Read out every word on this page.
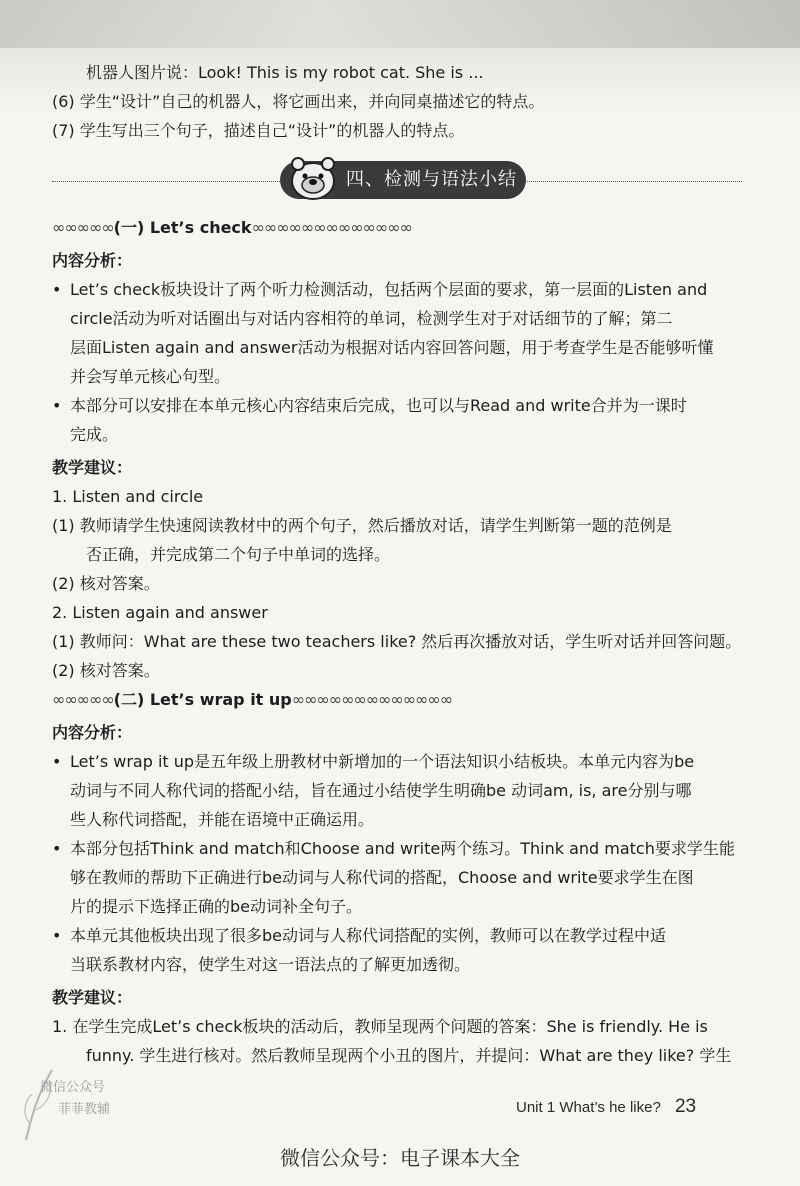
机器人图片说：Look! This is my robot cat. She is ...
(6) 学生“设计”自己的机器人，将它画出来，并向同桌描述它的特点。
(7) 学生写出三个句子，描述自己“设计”的机器人的特点。
四、检测与语法小结
∞∞∞∞∞ (一) Let’s check ∞∞∞∞∞∞∞∞∞∞∞∞∞
内容分析：
• Let’s check板块设计了两个听力检测活动，包括两个层面的要求，第一层面的Listen and
circle活动为听对话圈出与对话内容相符的单词，检测学生对于对话细节的了解；第二
层面Listen again and answer活动为根据对话内容回答问题，用于考查学生是否能够听懂
并会写单元核心句型。
• 本部分可以安排在本单元核心内容结束后完成，也可以与Read and write合并为一课时
完成。
教学建议：
1. Listen and circle
(1) 教师请学生快速阅读教材中的两个句子，然后播放对话，请学生判断第一题的范例是
否正确，并完成第二个句子中单词的选择。
(2) 核对答案。
2. Listen again and answer
(1) 教师问：What are these two teachers like? 然后再次播放对话，学生听对话并回答问题。
(2) 核对答案。
∞∞∞∞∞ (二) Let’s wrap it up ∞∞∞∞∞∞∞∞∞∞∞∞∞
内容分析：
• Let’s wrap it up是五年级上册教材中新增加的一个语法知识小结板块。本单元内容为be
动词与不同人称代词的搭配小结，旨在通过小结使学生明确be 动词am, is, are分别与哪
些人称代词搭配，并能在语境中正确运用。
• 本部分包括Think and match和Choose and write两个练习。Think and match要求学生能
够在教师的帮助下正确进行be动词与人称代词的搭配，Choose and write要求学生在图
片的提示下选择正确的be动词补全句子。
• 本单元其他板块出现了很多be动词与人称代词搭配的实例，教师可以在教学过程中适
当联系教材内容，使学生对这一语法点的了解更加透彻。
教学建议：
1. 在学生完成Let’s check板块的活动后，教师呈现两个问题的答案：She is friendly. He is
funny. 学生进行核对。然后教师呈现两个小丑的图片，并提问：What are they like? 学生
微信公众号
菲菲教辅	Unit 1 What’s he like? 23
微信公众号：电子课本大全
